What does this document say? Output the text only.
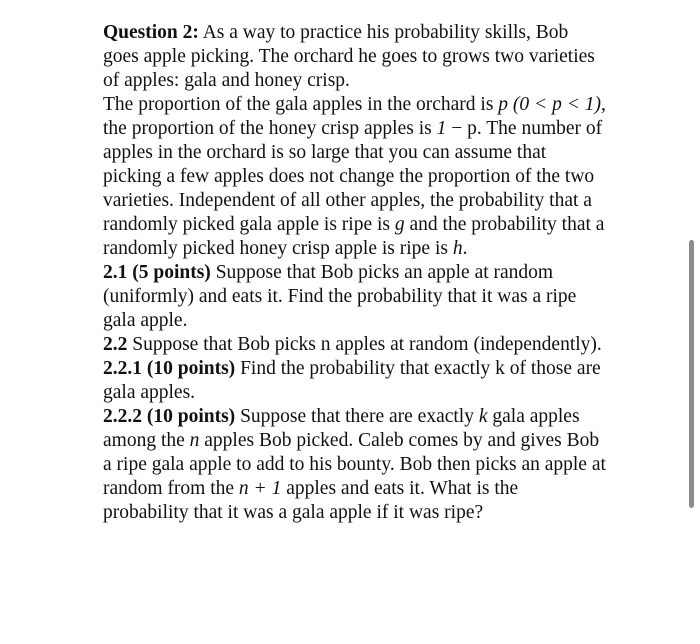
Question 2: As a way to practice his probability skills, Bob goes apple picking. The orchard he goes to grows two varieties of apples: gala and honey crisp.

The proportion of the gala apples in the orchard is p (0 < p < 1), the proportion of the honey crisp apples is 1 − p. The number of apples in the orchard is so large that you can assume that picking a few apples does not change the proportion of the two varieties. Independent of all other apples, the probability that a randomly picked gala apple is ripe is g and the probability that a randomly picked honey crisp apple is ripe is h.

2.1 (5 points) Suppose that Bob picks an apple at random (uniformly) and eats it. Find the probability that it was a ripe gala apple.

2.2 Suppose that Bob picks n apples at random (independently).

2.2.1 (10 points) Find the probability that exactly k of those are gala apples.

2.2.2 (10 points) Suppose that there are exactly k gala apples among the n apples Bob picked. Caleb comes by and gives Bob a ripe gala apple to add to his bounty. Bob then picks an apple at random from the n + 1 apples and eats it. What is the probability that it was a gala apple if it was ripe?
